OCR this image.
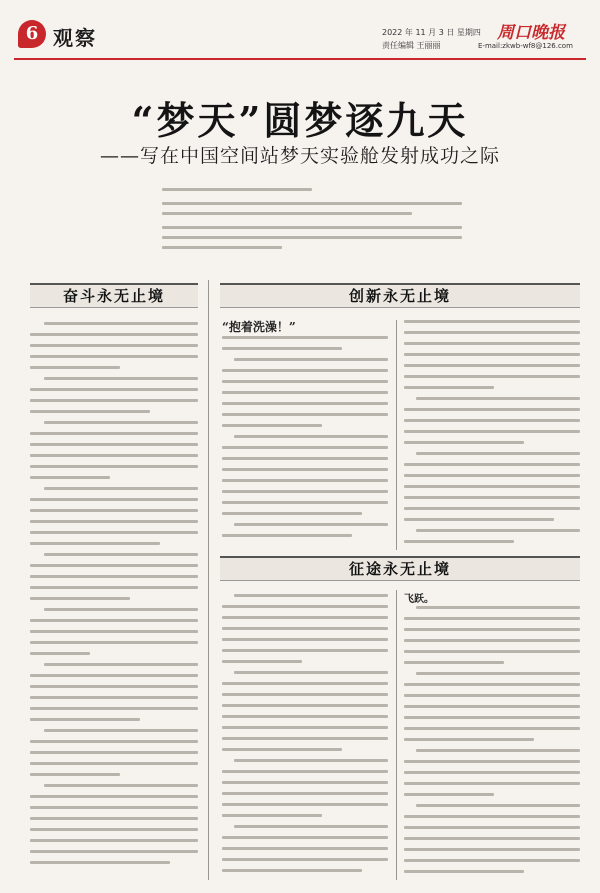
6 观察	2022 年 11 月 3 日 星期四
责任编辑 王丽丽
周口晚报
E-mail:zkwb-wf8@126.com
“梦天”圆梦逐九天
——写在中国空间站梦天实验舱发射成功之际
奋斗永无止境	创新永无止境
征途永无止境
“抱着洗澡！”
飞跃。
